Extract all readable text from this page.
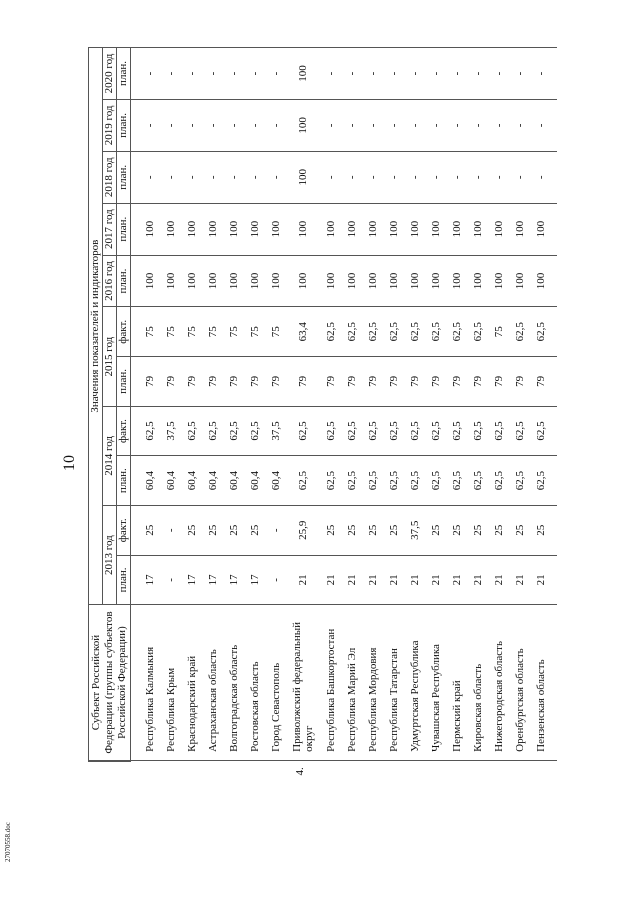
10
27070558.doc
	Субъект Российской Федерации (группы субъектов Российской Федерации)	Значения показателей и индикаторов										
	2013 год		2014 год		2015 год		2016 год	2017 год	2018 год	2019 год	2020 год
	план.	факт.	план.	факт.	план.	факт.	план.	план.	план.	план.	план.
	Республика Калмыкия	17	25	60,4	62,5	79	75	100	100	-	-	-
	Республика Крым	-	-	60,4	37,5	79	75	100	100	-	-	-
	Краснодарский край	17	25	60,4	62,5	79	75	100	100	-	-	-
	Астраханская область	17	25	60,4	62,5	79	75	100	100	-	-	-
	Волгоградская область	17	25	60,4	62,5	79	75	100	100	-	-	-
	Ростовская область	17	25	60,4	62,5	79	75	100	100	-	-	-
	Город Севастополь	-	-	60,4	37,5	79	75	100	100	-	-	-

4.	Приволжский федеральный округ	21	25,9	62,5	62,5	79	63,4	100	100	100	100	100
	Республика Башкортостан	21	25	62,5	62,5	79	62,5	100	100	-	-	-
	Республика Марий Эл	21	25	62,5	62,5	79	62,5	100	100	-	-	-
	Республика Мордовия	21	25	62,5	62,5	79	62,5	100	100	-	-	-
	Республика Татарстан	21	25	62,5	62,5	79	62,5	100	100	-	-	-
	Удмуртская Республика	21	37,5	62,5	62,5	79	62,5	100	100	-	-	-
	Чувашская Республика	21	25	62,5	62,5	79	62,5	100	100	-	-	-
	Пермский край	21	25	62,5	62,5	79	62,5	100	100	-	-	-
	Кировская область	21	25	62,5	62,5	79	62,5	100	100	-	-	-
	Нижегородская область	21	25	62,5	62,5	79	75	100	100	-	-	-
	Оренбургская область	21	25	62,5	62,5	79	62,5	100	100	-	-	-
	Пензенская область	21	25	62,5	62,5	79	62,5	100	100	-	-	-
